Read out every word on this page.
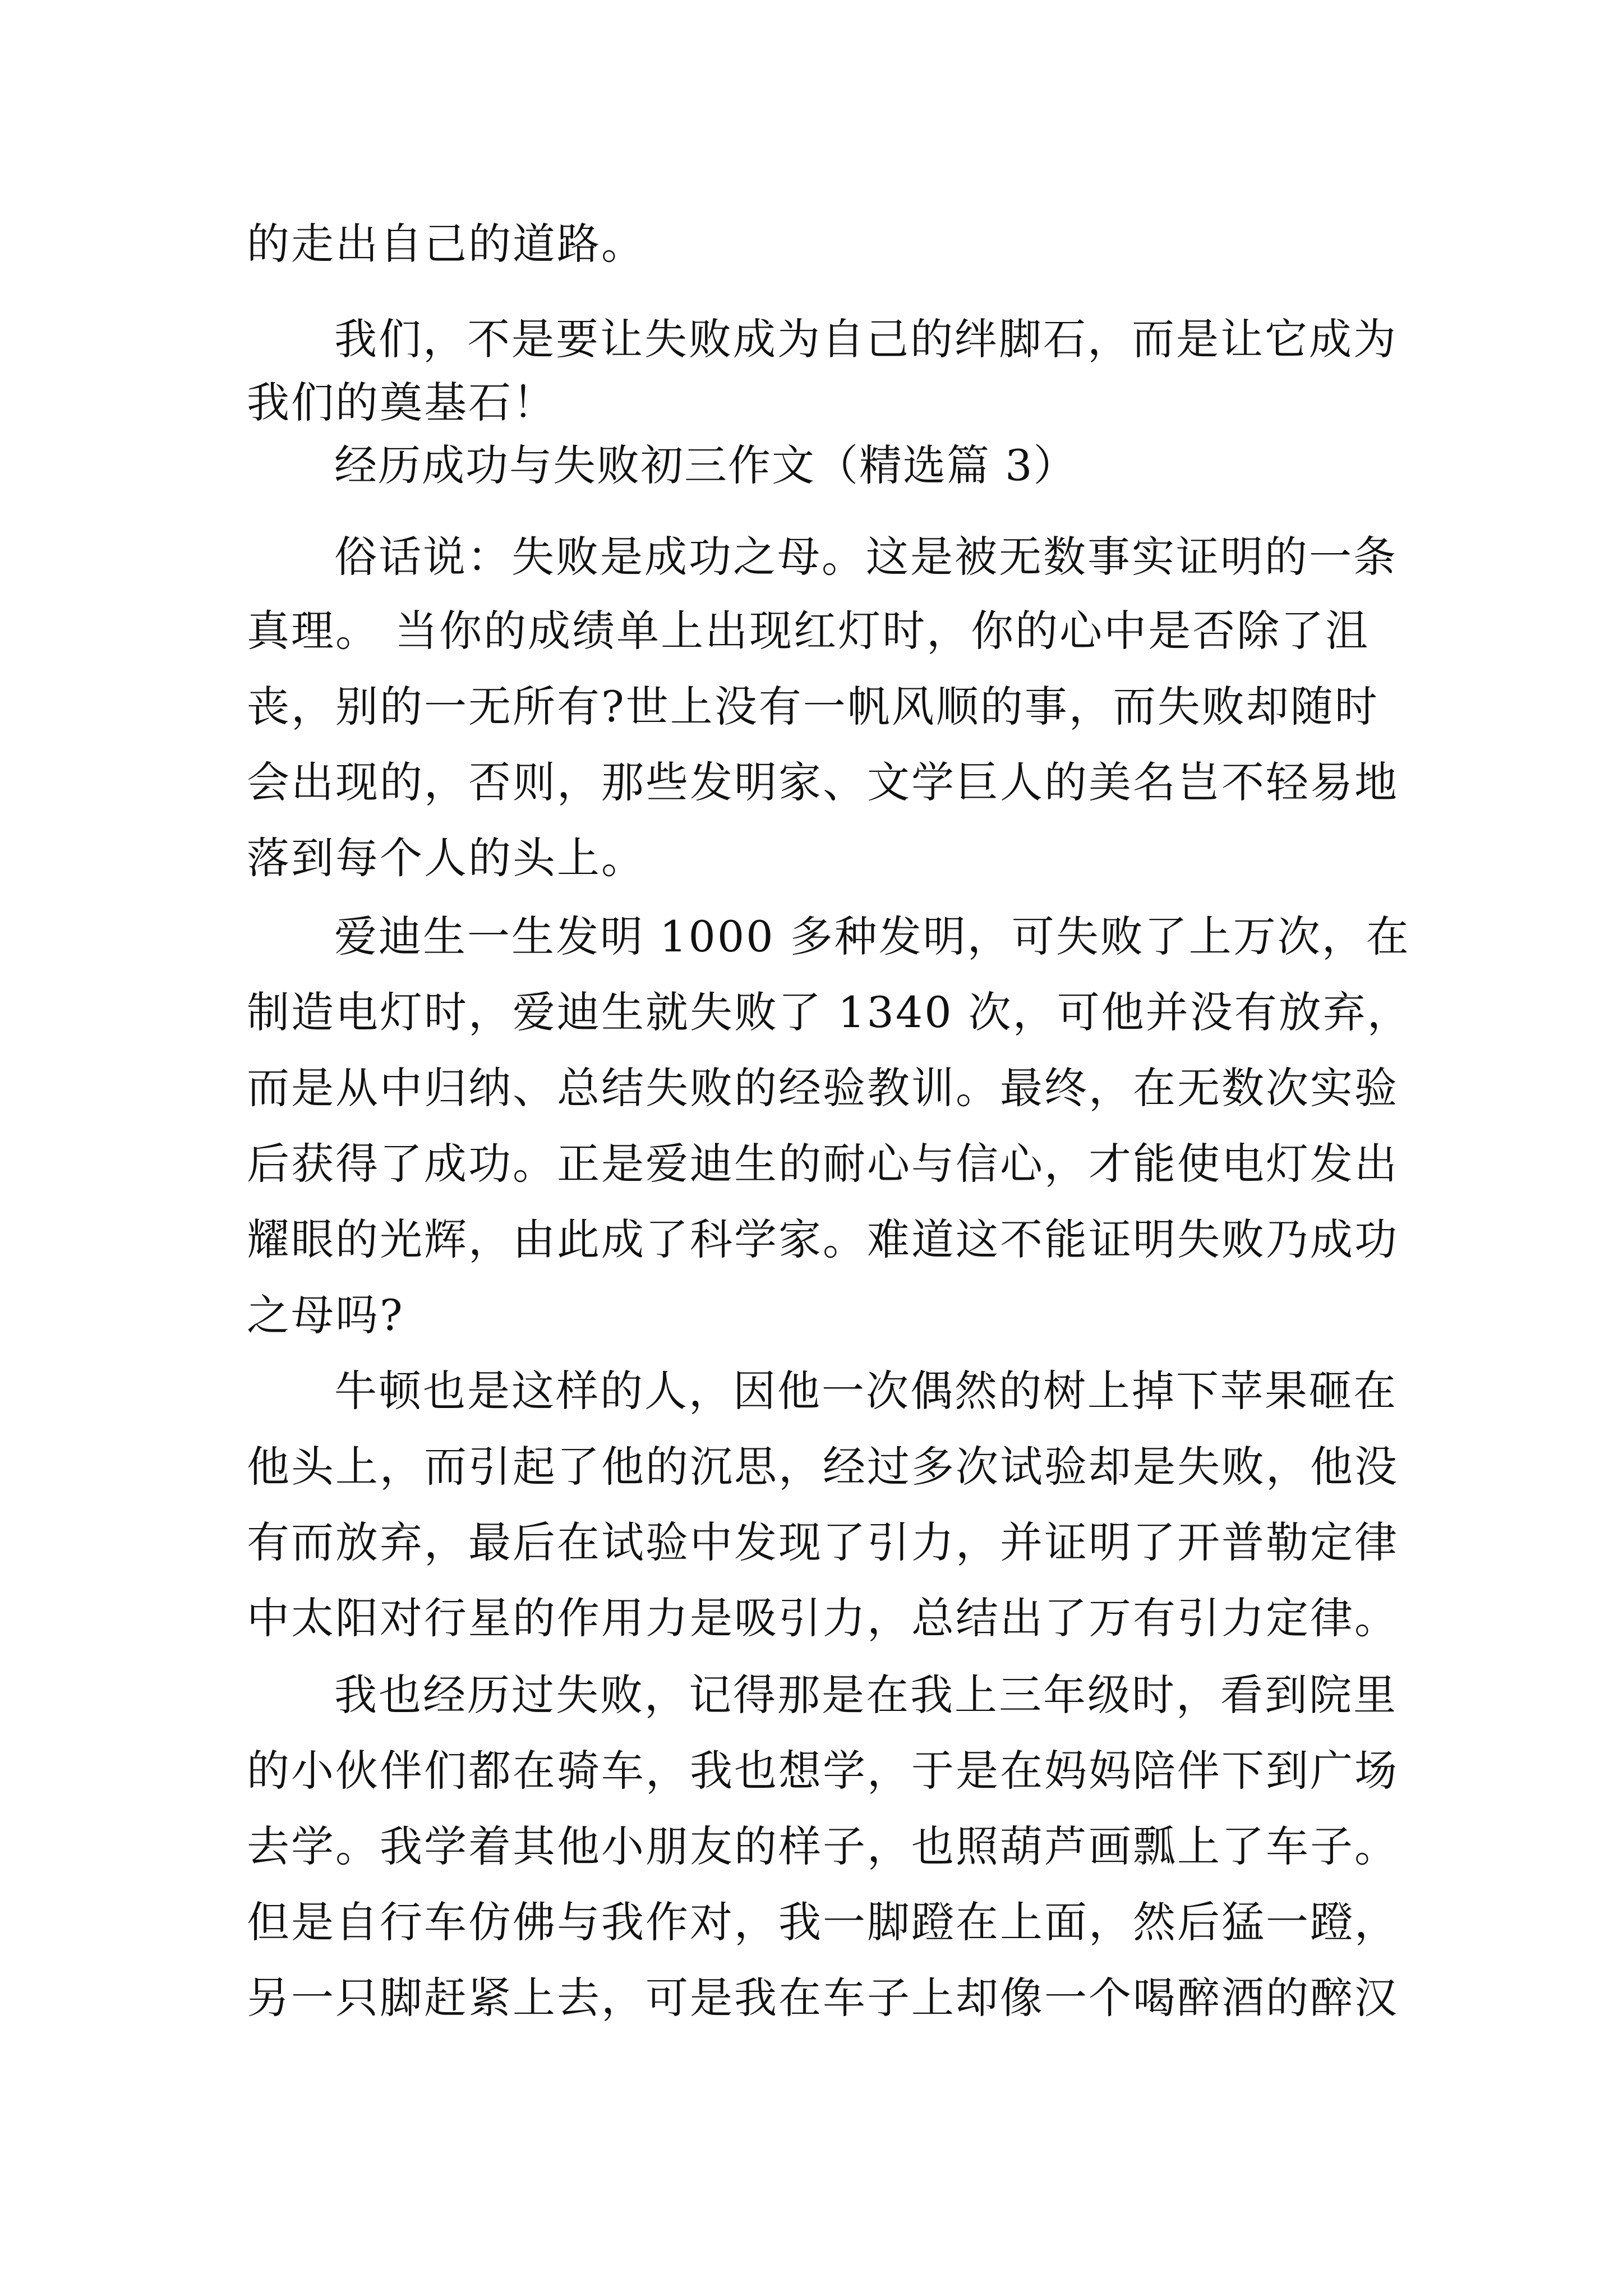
的走出自己的道路。
我们，不是要让失败成为自己的绊脚石，而是让它成为
我们的奠基石！
经历成功与失败初三作文（精选篇 3）
俗话说：失败是成功之母。这是被无数事实证明的一条
真理。 当你的成绩单上出现红灯时，你的心中是否除了沮
丧，别的一无所有?世上没有一帆风顺的事，而失败却随时
会出现的，否则，那些发明家、文学巨人的美名岂不轻易地
落到每个人的头上。
爱迪生一生发明 1000 多种发明，可失败了上万次，在
制造电灯时，爱迪生就失败了 1340 次，可他并没有放弃，
而是从中归纳、总结失败的经验教训。最终，在无数次实验
后获得了成功。正是爱迪生的耐心与信心，才能使电灯发出
耀眼的光辉，由此成了科学家。难道这不能证明失败乃成功
之母吗?
牛顿也是这样的人，因他一次偶然的树上掉下苹果砸在
他头上，而引起了他的沉思，经过多次试验却是失败，他没
有而放弃，最后在试验中发现了引力，并证明了开普勒定律
中太阳对行星的作用力是吸引力，总结出了万有引力定律。
我也经历过失败，记得那是在我上三年级时，看到院里
的小伙伴们都在骑车，我也想学，于是在妈妈陪伴下到广场
去学。我学着其他小朋友的样子，也照葫芦画瓢上了车子。
但是自行车仿佛与我作对，我一脚蹬在上面，然后猛一蹬，
另一只脚赶紧上去，可是我在车子上却像一个喝醉酒的醉汉
